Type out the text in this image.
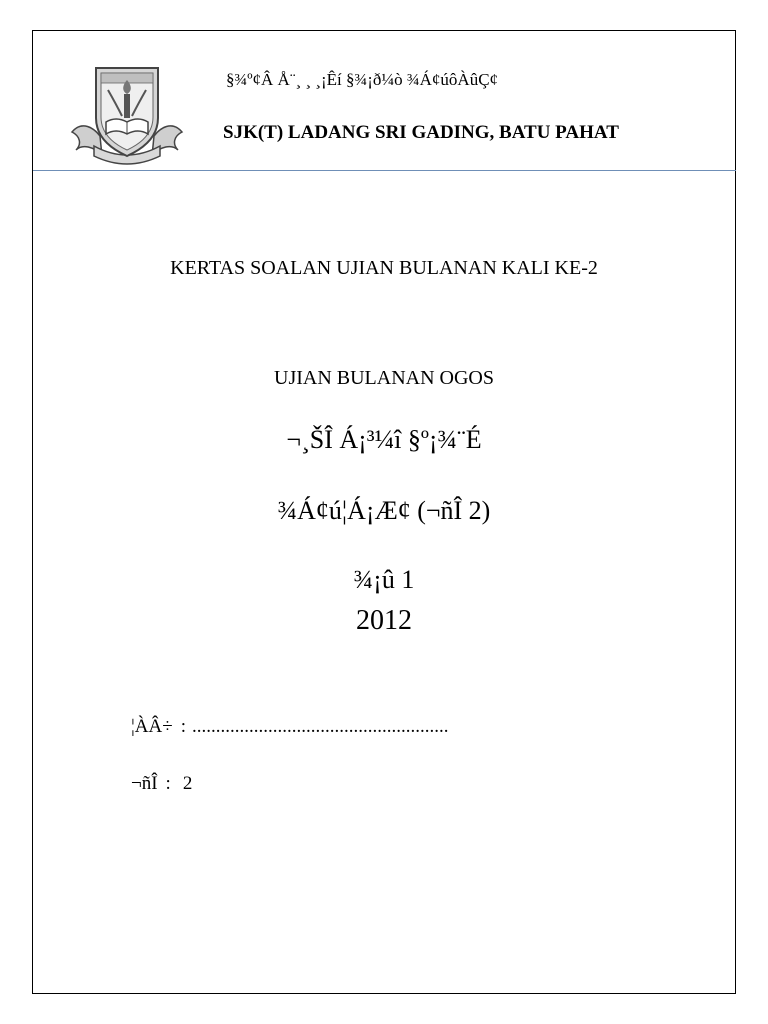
§¾º¢Â Å¨¸ ¸ ¸¡Êí §¾¡ð¼ò ¾Á¢úôÀûÇ¢
SJK(T) LADANG SRI GADING, BATU PAHAT
KERTAS SOALAN UJIAN BULANAN KALI KE-2
UJIAN BULANAN OGOS
¬¸ŠÎ Á¡³¼î §º¡¾¨É
¾Á¢ú¦Á¡Æ¢ (¬ñÎ 2)
¾¡û 1
2012
¦ÀÂ÷ : ......................................................
¬ñÎ : 2
